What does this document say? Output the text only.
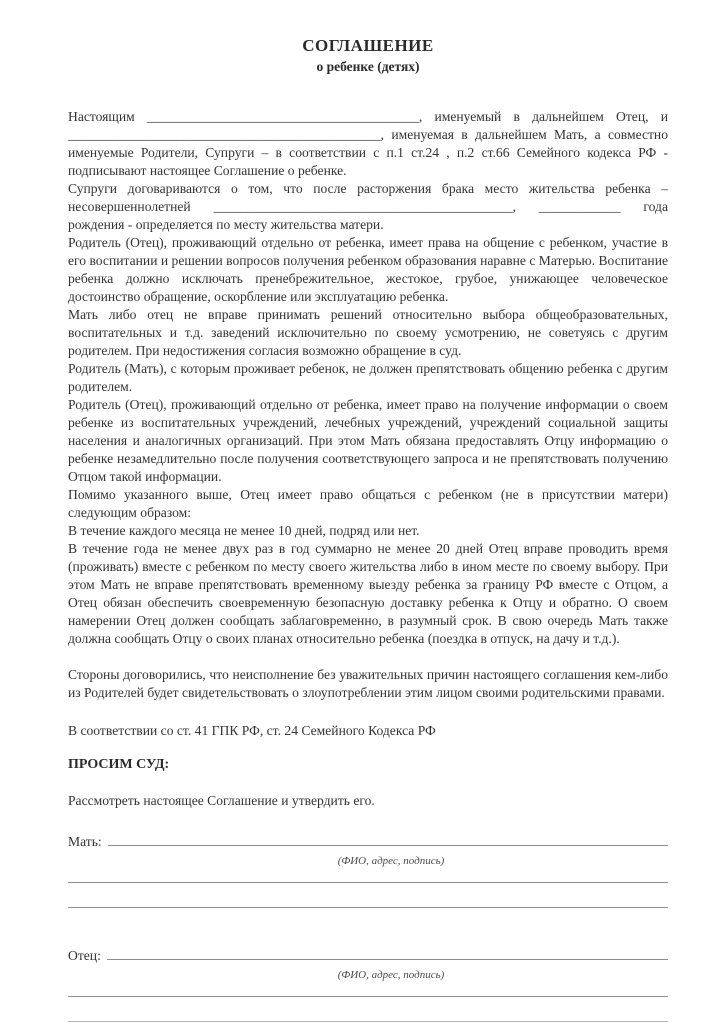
СОГЛАШЕНИЕ
о ребенке (детях)

Настоящим ________________________________________, именуемый в дальнейшем Отец, и ______________________________________________, именуемая в дальнейшем Мать, а совместно именуемые Родители, Супруги – в соответствии с п.1 ст.24 , п.2 ст.66 Семейного кодекса РФ - подписывают настоящее Соглашение о ребенке.

Супруги договариваются о том, что после расторжения брака место жительства ребенка – несовершеннолетней ____________________________________________, ____________ года рождения - определяется по месту жительства матери.

Родитель (Отец), проживающий отдельно от ребенка, имеет права на общение с ребенком, участие в его воспитании и решении вопросов получения ребенком образования наравне с Матерью. Воспитание ребенка должно исключать пренебрежительное, жестокое, грубое, унижающее человеческое достоинство обращение, оскорбление или эксплуатацию ребенка.

Мать либо отец не вправе принимать решений относительно выбора общеобразовательных, воспитательных и т.д. заведений исключительно по своему усмотрению, не советуясь с другим родителем. При недостижения согласия возможно обращение в суд.

Родитель (Мать), с которым проживает ребенок, не должен препятствовать общению ребенка с другим родителем.

Родитель (Отец), проживающий отдельно от ребенка, имеет право на получение информации о своем ребенке из воспитательных учреждений, лечебных учреждений, учреждений социальной защиты населения и аналогичных организаций. При этом Мать обязана предоставлять Отцу информацию о ребенке незамедлительно после получения соответствующего запроса и не препятствовать получению Отцом такой информации.

Помимо указанного выше, Отец имеет право общаться с ребенком (не в присутствии матери) следующим образом:

В течение каждого месяца не менее 10 дней, подряд или нет.

В течение года не менее двух раз в год суммарно не менее 20 дней Отец вправе проводить время (проживать) вместе с ребенком по месту своего жительства либо в ином месте по своему выбору. При этом Мать не вправе препятствовать временному выезду ребенка за границу РФ вместе с Отцом, а Отец обязан обеспечить своевременную безопасную доставку ребенка к Отцу и обратно. О своем намерении Отец должен сообщать заблаговременно, в разумный срок. В свою очередь Мать также должна сообщать Отцу о своих планах относительно ребенка (поездка в отпуск, на дачу и т.д.).

Стороны договорились, что неисполнение без уважительных причин настоящего соглашения кем-либо из Родителей будет свидетельствовать о злоупотреблении этим лицом своими родительскими правами.

В соответствии со ст. 41 ГПК РФ, ст. 24 Семейного Кодекса РФ

ПРОСИМ СУД:

Рассмотреть настоящее Соглашение и утвердить его.

Мать:
(ФИО, адрес, подпись)
Отец:
(ФИО, адрес, подпись)
